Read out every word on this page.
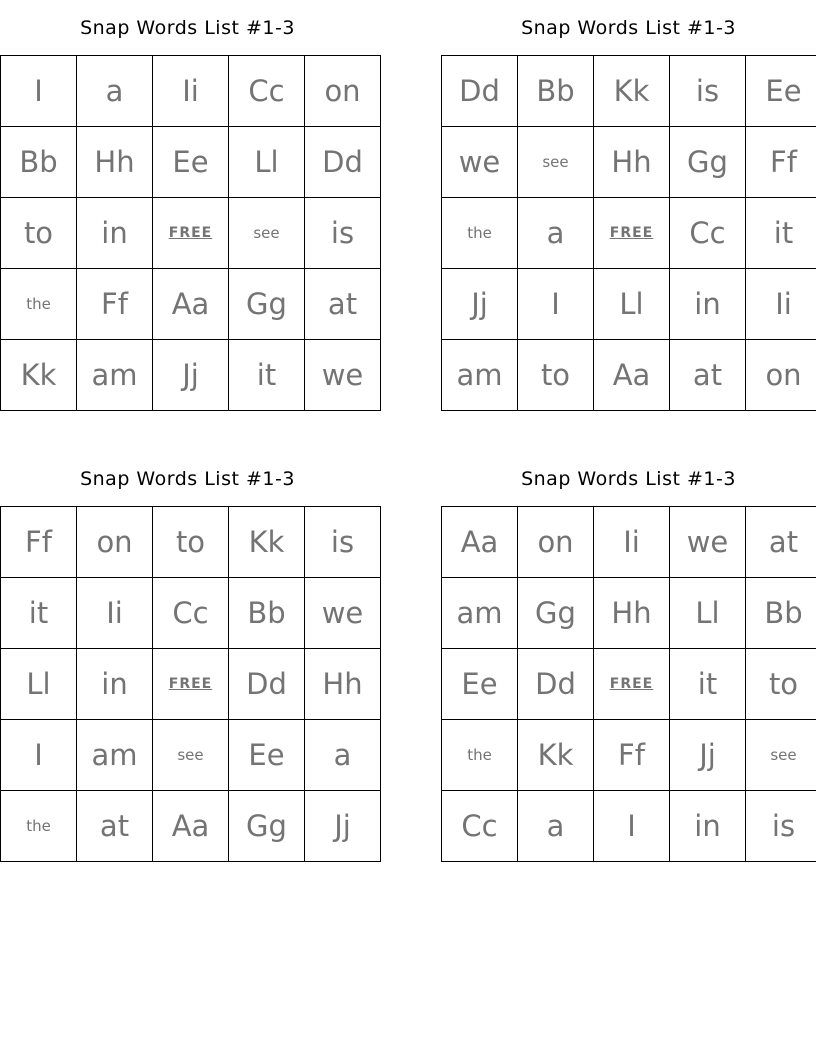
Snap Words List #1-3
I	a	Ii	Cc	on
Bb	Hh	Ee	Ll	Dd
to	in	FREE	see	is
the	Ff	Aa	Gg	at
Kk	am	Jj	it	we
Snap Words List #1-3
Dd	Bb	Kk	is	Ee
we	see	Hh	Gg	Ff
the	a	FREE	Cc	it
Jj	I	Ll	in	Ii
am	to	Aa	at	on
Snap Words List #1-3
Ff	on	to	Kk	is
it	Ii	Cc	Bb	we
Ll	in	FREE	Dd	Hh
I	am	see	Ee	a
the	at	Aa	Gg	Jj
Snap Words List #1-3
Aa	on	Ii	we	at
am	Gg	Hh	Ll	Bb
Ee	Dd	FREE	it	to
the	Kk	Ff	Jj	see
Cc	a	I	in	is
